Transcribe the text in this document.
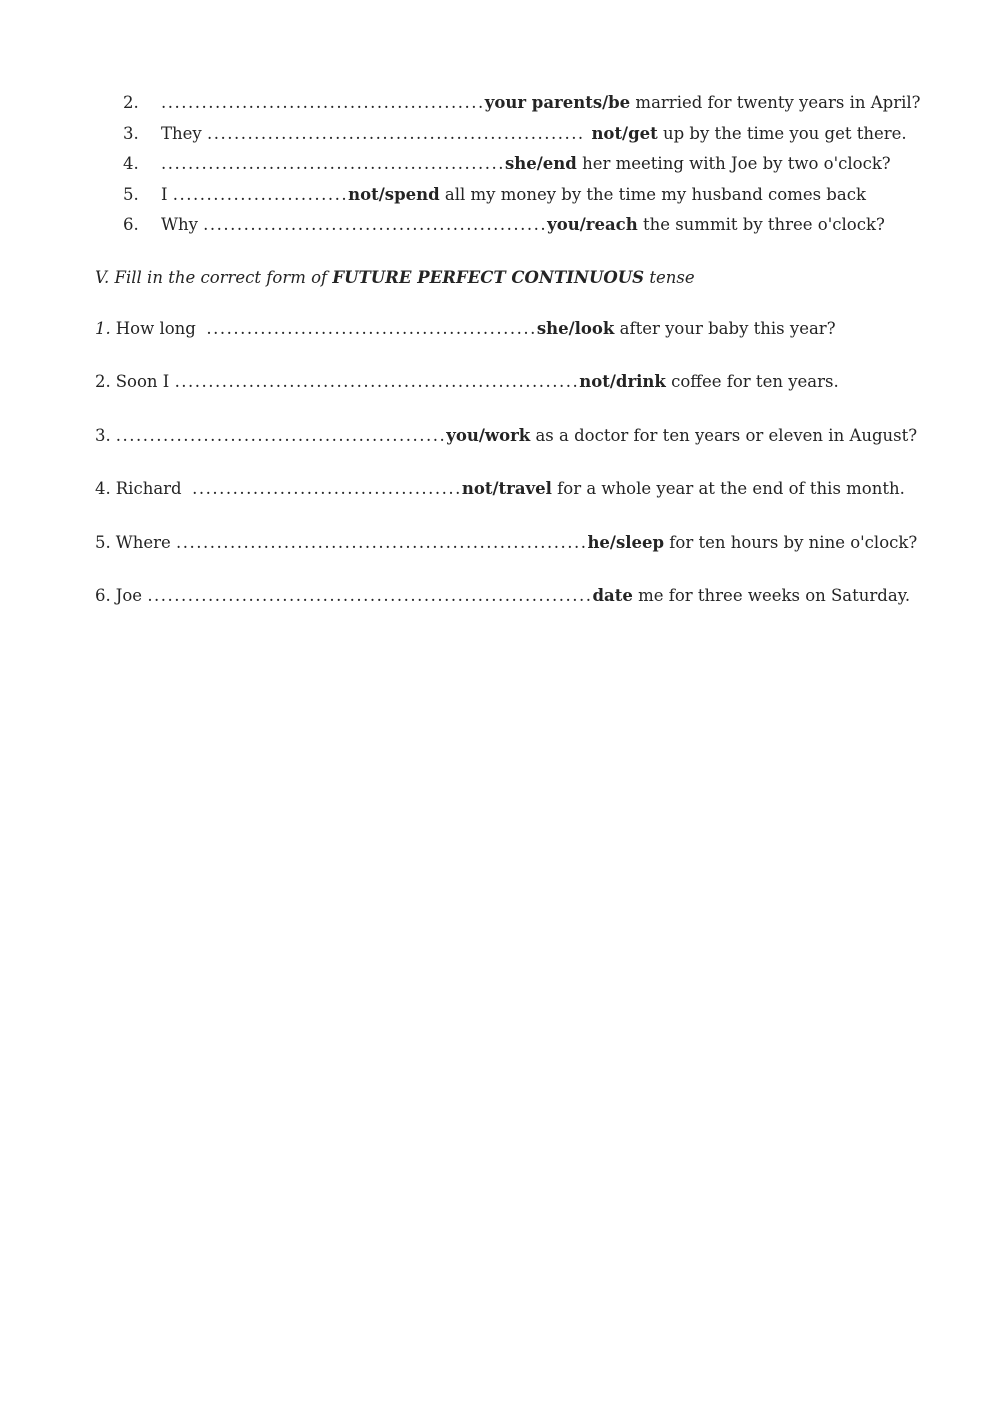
2. ................................................your parents/be married for twenty years in April?
3. They ........................................................ not/get up by the time you get there.
4. ...................................................she/end her meeting with Joe by two o'clock?
5. I ..........................not/spend all my money by the time my husband comes back
6. Why ...................................................you/reach the summit by three o'clock?
V. Fill in the correct form of FUTURE PERFECT CONTINUOUS tense
1. How long  .................................................she/look after your baby this year?
2. Soon I ............................................................not/drink coffee for ten years.
3. .................................................you/work as a doctor for ten years or eleven in August?
4. Richard  ........................................not/travel for a whole year at the end of this month.
5. Where .............................................................he/sleep for ten hours by nine o'clock?
6. Joe ..................................................................date me for three weeks on Saturday.
